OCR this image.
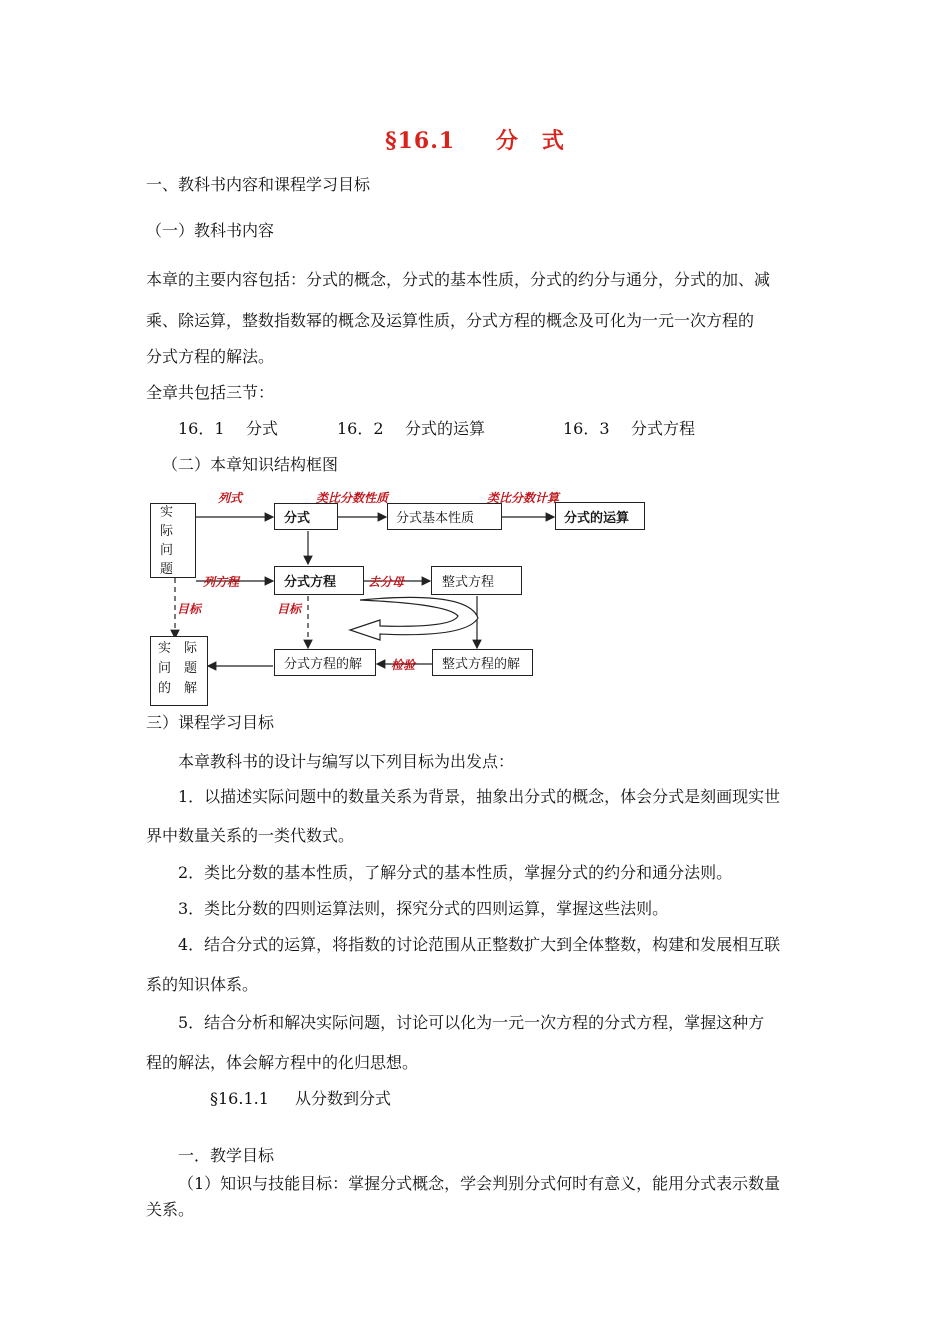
§16.1 分　式
一、教科书内容和课程学习目标
（一）教科书内容
本章的主要内容包括：分式的概念，分式的基本性质，分式的约分与通分，分式的加、减
乘、除运算，整数指数幂的概念及运算性质，分式方程的概念及可化为一元一次方程的
分式方程的解法。
全章共包括三节：
16．1 分式	16．2 分式的运算	16．3 分式方程
（二）本章知识结构框图
实
际
问
题
实　际
问　题
的　解
分式	分式基本性质	分式的运算
分式方程	整式方程
分式方程的解	整式方程的解
列式	类比分数性质	类比分数计算
列方程	去分母
目标	目标
检验
三）课程学习目标
本章教科书的设计与编写以下列目标为出发点：
1．以描述实际问题中的数量关系为背景，抽象出分式的概念，体会分式是刻画现实世
界中数量关系的一类代数式。
2．类比分数的基本性质，了解分式的基本性质，掌握分式的约分和通分法则。
3．类比分数的四则运算法则，探究分式的四则运算，掌握这些法则。
4．结合分式的运算，将指数的讨论范围从正整数扩大到全体整数，构建和发展相互联
系的知识体系。
5．结合分析和解决实际问题，讨论可以化为一元一次方程的分式方程，掌握这种方
程的解法，体会解方程中的化归思想。
§16.1.1 从分数到分式
一．教学目标
（1）知识与技能目标：掌握分式概念，学会判别分式何时有意义，能用分式表示数量
关系。
